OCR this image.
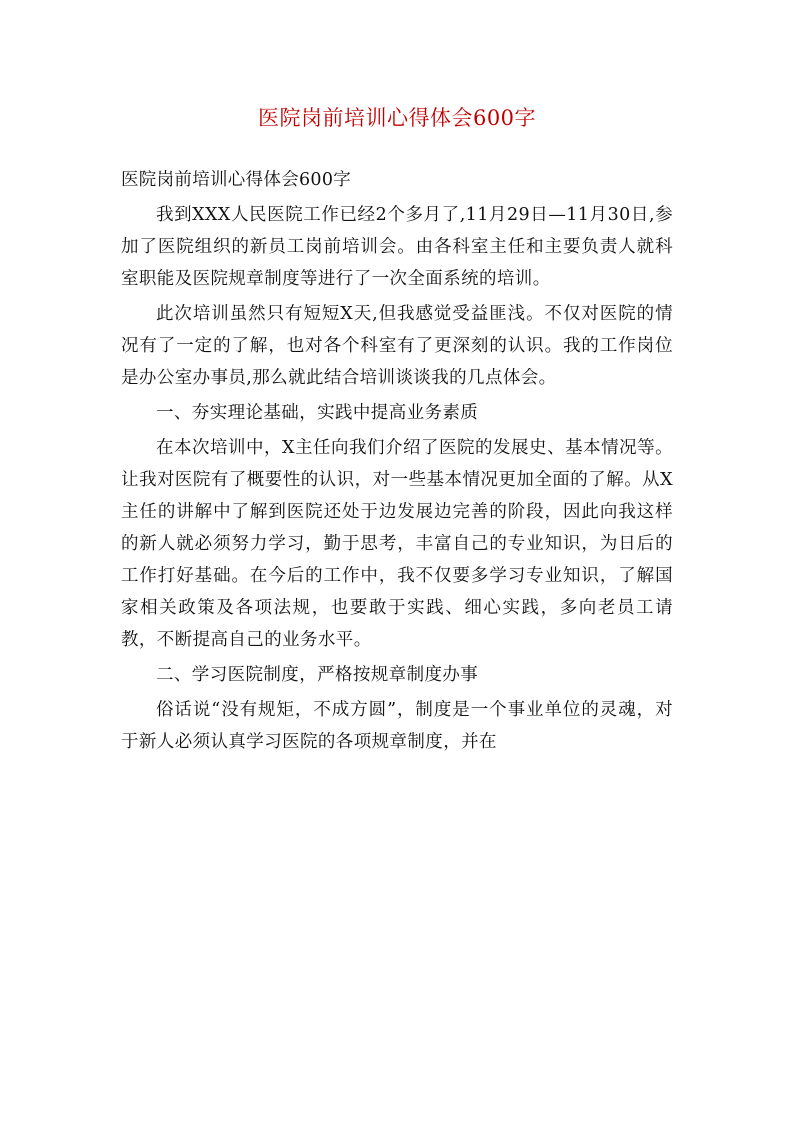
医院岗前培训心得体会600字

医院岗前培训心得体会600字

我到XXX人民医院工作已经2个多月了,11月29日—11月30日,参加了医院组织的新员工岗前培训会。由各科室主任和主要负责人就科室职能及医院规章制度等进行了一次全面系统的培训。

此次培训虽然只有短短X天,但我感觉受益匪浅。不仅对医院的情况有了一定的了解，也对各个科室有了更深刻的认识。我的工作岗位是办公室办事员,那么就此结合培训谈谈我的几点体会。

一、夯实理论基础，实践中提高业务素质

在本次培训中，X主任向我们介绍了医院的发展史、基本情况等。让我对医院有了概要性的认识，对一些基本情况更加全面的了解。从X主任的讲解中了解到医院还处于边发展边完善的阶段，因此向我这样的新人就必须努力学习，勤于思考，丰富自己的专业知识，为日后的工作打好基础。在今后的工作中，我不仅要多学习专业知识，了解国家相关政策及各项法规，也要敢于实践、细心实践，多向老员工请教，不断提高自己的业务水平。

二、学习医院制度，严格按规章制度办事

俗话说“没有规矩，不成方圆”，制度是一个事业单位的灵魂，对于新人必须认真学习医院的各项规章制度，并在
